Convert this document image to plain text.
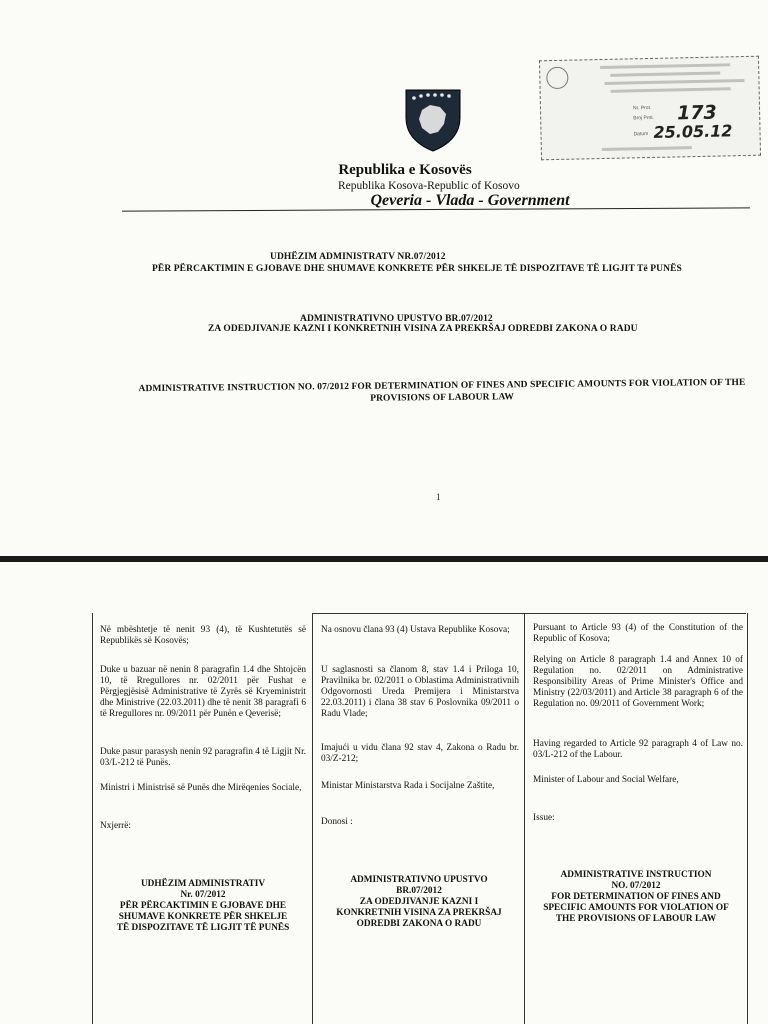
Nr. Prot.
Broj Prot.
Datum
173
25.05.12
Republika e Kosovës
Republika Kosova-Republic of Kosovo
Qeveria - Vlada - Government
UDHËZIM ADMINISTRATV NR.07/2012
PËR PËRCAKTIMIN E GJOBAVE DHE SHUMAVE KONKRETE PËR SHKELJE TË DISPOZITAVE TË LIGJIT Të PUNËS
ADMINISTRATIVNO UPUSTVO BR.07/2012
ZA ODEDJIVANJE KAZNI I KONKRETNIH VISINA ZA PREKRŠAJ ODREDBI ZAKONA O RADU
ADMINISTRATIVE INSTRUCTION NO. 07/2012 FOR DETERMINATION OF FINES AND SPECIFIC AMOUNTS FOR VIOLATION OF THE PROVISIONS OF LABOUR LAW
1
Në mbështetje të nenit 93 (4), të Kushtetutës së Republikës së Kosovës;
Duke u bazuar në nenin 8 paragrafin 1.4 dhe Shtojcën 10, të Rregullores nr. 02/2011 për Fushat e Përgjegjësisë Administrative të Zyrës së Kryeministrit dhe Ministrive (22.03.2011) dhe të nenit 38 paragrafi 6 të Rregullores nr. 09/2011 për Punën e Qeverisë;
Duke pasur parasysh nenin 92 paragrafin 4 të Ligjit Nr. 03/L-212 të Punës.
Ministri i Ministrisë së Punës dhe Mirëqenies Sociale,
Nxjerrë:
UDHËZIM ADMINISTRATIV
Nr. 07/2012
PËR PËRCAKTIMIN E GJOBAVE DHE
SHUMAVE KONKRETE PËR SHKELJE
TË DISPOZITAVE TË LIGJIT TË PUNËS
Na osnovu člana 93 (4) Ustava Republike Kosova;
U saglasnosti sa članom 8, stav 1.4 i Priloga 10, Pravilnika br. 02/2011 o Oblastima Administrativnih Odgovornosti Ureda Premijera i Ministarstva 22.03.2011) i člana 38 stav 6 Poslovnika 09/2011 o Radu Vlade;
Imajući u vidu člana 92 stav 4, Zakona o Radu br. 03/Z-212;
Ministar Ministarstva Rada i Socijalne Zaštite,
Donosi :
ADMINISTRATIVNO UPUSTVO
BR.07/2012
ZA ODEDJIVANJE KAZNI I
KONKRETNIH VISINA ZA PREKRŠAJ
ODREDBI ZAKONA O RADU
Pursuant to Article 93 (4) of the Constitution of the Republic of Kosova;
Relying on Article 8 paragraph 1.4 and Annex 10 of Regulation no. 02/2011 on Administrative Responsibility Areas of Prime Minister's Office and Ministry (22/03/2011) and Article 38 paragraph 6 of the Regulation no. 09/2011 of Government Work;
Having regarded to Article 92 paragraph 4 of Law no. 03/L-212 of the Labour.
Minister of Labour and Social Welfare,
Issue:
ADMINISTRATIVE INSTRUCTION
NO. 07/2012
FOR DETERMINATION OF FINES AND
SPECIFIC AMOUNTS FOR VIOLATION OF
THE PROVISIONS OF LABOUR LAW
